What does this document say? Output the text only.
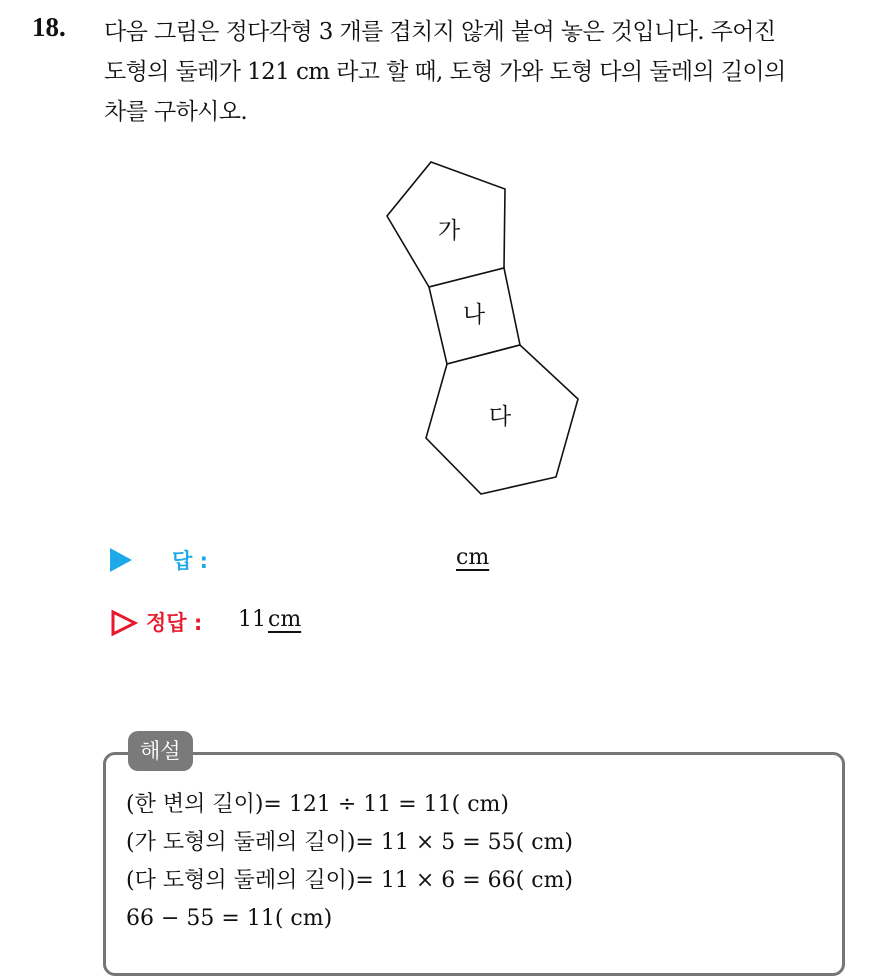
18. 다음 그림은 정다각형 3 개를 겹치지 않게 붙여 놓은 것입니다. 주어진
도형의 둘레가 121 cm 라고 할 때, 도형 가와 도형 다의 둘레의 길이의
차를 구하시오.
가
나
다
답 :	cm
정답 : 11cm
해설
(한 변의 길이)= 121 ÷ 11 = 11( cm)
(가 도형의 둘레의 길이)= 11 × 5 = 55( cm)
(다 도형의 둘레의 길이)= 11 × 6 = 66( cm)
66 − 55 = 11( cm)
